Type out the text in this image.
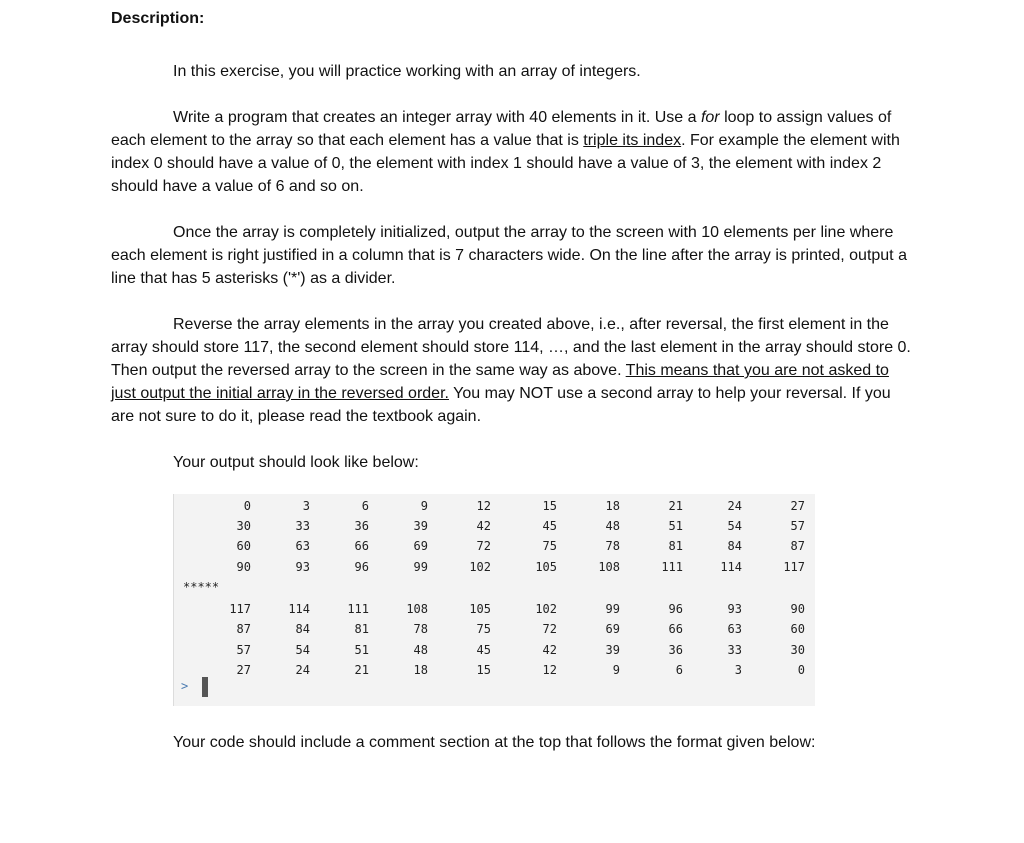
Description:

In this exercise, you will practice working with an array of integers.

Write a program that creates an integer array with 40 elements in it. Use a for loop to assign values of each element to the array so that each element has a value that is triple its index. For example the element with index 0 should have a value of 0, the element with index 1 should have a value of 3, the element with index 2 should have a value of 6 and so on.

Once the array is completely initialized, output the array to the screen with 10 elements per line where each element is right justified in a column that is 7 characters wide. On the line after the array is printed, output a line that has 5 asterisks ('*') as a divider.

Reverse the array elements in the array you created above, i.e., after reversal, the first element in the array should store 117, the second element should store 114, …, and the last element in the array should store 0. Then output the reversed array to the screen in the same way as above. This means that you are not asked to just output the initial array in the reversed order. You may NOT use a second array to help your reversal. If you are not sure to do it, please read the textbook again.

Your output should look like below:

0	3	6	9	12	15	18	21	24	27
30	33	36	39	42	45	48	51	54	57
60	63	66	69	72	75	78	81	84	87
90	93	96	99	102	105	108	111	114	117
*****
117	114	111	108	105	102	99	96	93	90
87	84	81	78	75	72	69	66	63	60
57	54	51	48	45	42	39	36	33	30
27	24	21	18	15	12	9	6	3	0
>

Your code should include a comment section at the top that follows the format given below:
